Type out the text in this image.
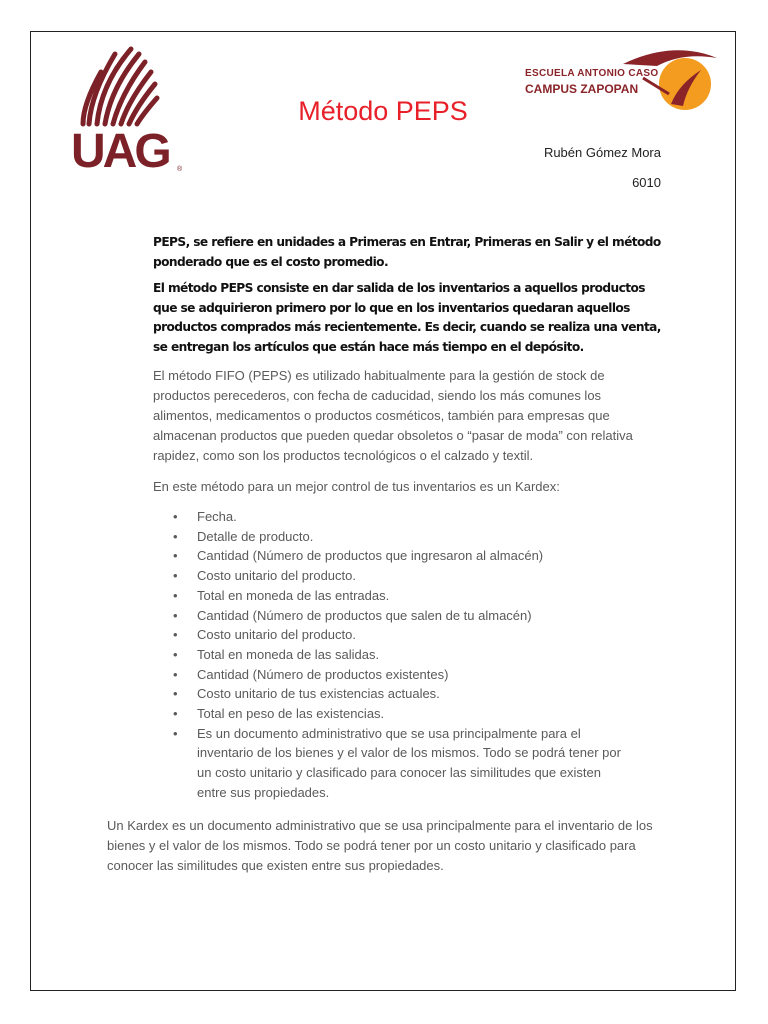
UAG ®
Método PEPS
ESCUELA ANTONIO CASO
CAMPUS ZAPOPAN
Rubén Gómez Mora
6010

PEPS, se refiere en unidades a Primeras en Entrar, Primeras en Salir y el método ponderado que es el costo promedio.

El método PEPS consiste en dar salida de los inventarios a aquellos productos que se adquirieron primero por lo que en los inventarios quedaran aquellos productos comprados más recientemente. Es decir, cuando se realiza una venta, se entregan los artículos que están hace más tiempo en el depósito.

El método FIFO (PEPS) es utilizado habitualmente para la gestión de stock de productos perecederos, con fecha de caducidad, siendo los más comunes los alimentos, medicamentos o productos cosméticos, también para empresas que almacenan productos que pueden quedar obsoletos o “pasar de moda” con relativa rapidez, como son los productos tecnológicos o el calzado y textil.

En este método para un mejor control de tus inventarios es un Kardex:

• Fecha.
• Detalle de producto.
• Cantidad (Número de productos que ingresaron al almacén)
• Costo unitario del producto.
• Total en moneda de las entradas.
• Cantidad (Número de productos que salen de tu almacén)
• Costo unitario del producto.
• Total en moneda de las salidas.
• Cantidad (Número de productos existentes)
• Costo unitario de tus existencias actuales.
• Total en peso de las existencias.
• Es un documento administrativo que se usa principalmente para el inventario de los bienes y el valor de los mismos. Todo se podrá tener por un costo unitario y clasificado para conocer las similitudes que existen entre sus propiedades.

Un Kardex es un documento administrativo que se usa principalmente para el inventario de los bienes y el valor de los mismos. Todo se podrá tener por un costo unitario y clasificado para conocer las similitudes que existen entre sus propiedades.
